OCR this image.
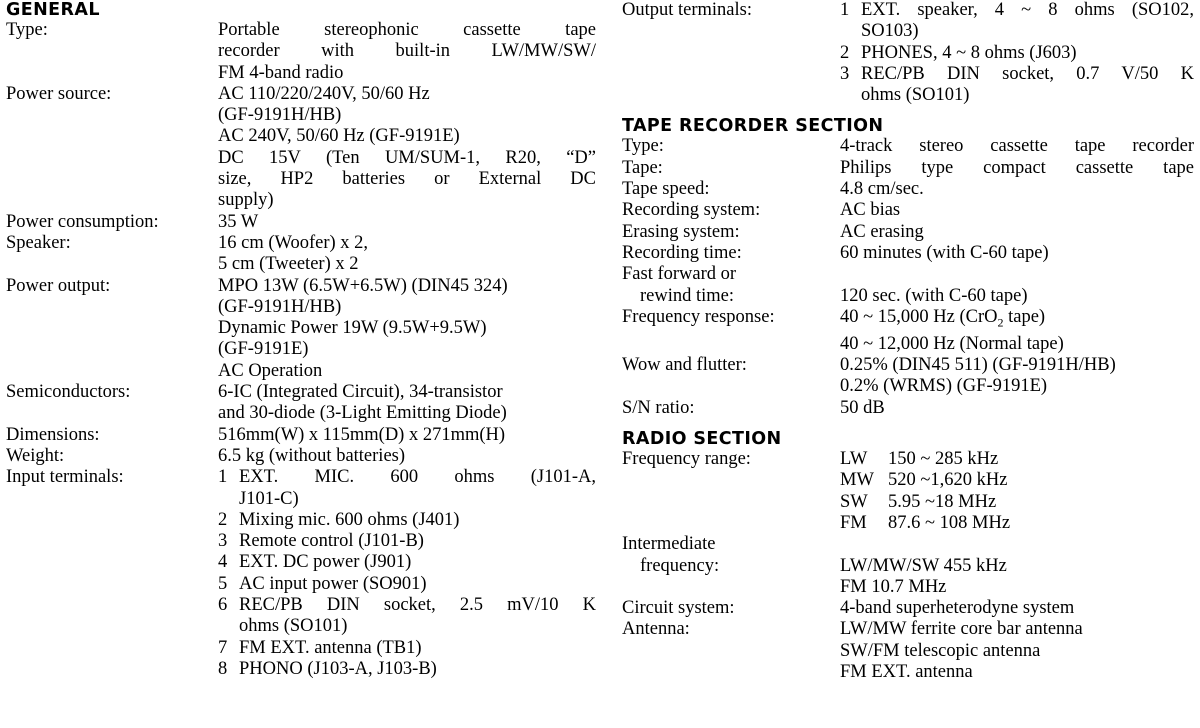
GENERAL
Type:	Portable stereophonic cassette tape
recorder with built-in LW/MW/SW/
FM 4-band radio
Power source:	AC 110/220/240V, 50/60 Hz
(GF-9191H/HB)
AC 240V, 50/60 Hz (GF-9191E)
DC 15V (Ten UM/SUM-1, R20, “D”
size, HP2 batteries or External DC
supply)
Power consumption:	35 W
Speaker:	16 cm (Woofer) x 2,
5 cm (Tweeter) x 2
Power output:	MPO 13W (6.5W+6.5W) (DIN45 324)
(GF-9191H/HB)
Dynamic Power 19W (9.5W+9.5W)
(GF-9191E)
AC Operation
Semiconductors:	6-IC (Integrated Circuit), 34-transistor
and 30-diode (3-Light Emitting Diode)
Dimensions:	516mm(W) x 115mm(D) x 271mm(H)
Weight:	6.5 kg (without batteries)
Input terminals:	1 EXT. MIC. 600 ohms (J101-A,
J101-C)
2 Mixing mic. 600 ohms (J401)
3 Remote control (J101-B)
4 EXT. DC power (J901)
5 AC input power (SO901)
6 REC/PB DIN socket, 2.5 mV/10 K
ohms (SO101)
7 FM EXT. antenna (TB1)
8 PHONO (J103-A, J103-B)
Output terminals:	1 EXT. speaker, 4 ~ 8 ohms (SO102,
SO103)
2 PHONES, 4 ~ 8 ohms (J603)
3 REC/PB DIN socket, 0.7 V/50 K
ohms (SO101)
TAPE RECORDER SECTION
Type:	4-track stereo cassette tape recorder
Tape:	Philips type compact cassette tape
Tape speed:	4.8 cm/sec.
Recording system:	AC bias
Erasing system:	AC erasing
Recording time:	60 minutes (with C-60 tape)
Fast forward or
rewind time:
	120 sec. (with C-60 tape)
Frequency response:	40 ~ 15,000 Hz (CrO$_2$ tape)
40 ~ 12,000 Hz (Normal tape)
Wow and flutter:	0.25% (DIN45 511) (GF-9191H/HB)
0.2% (WRMS) (GF-9191E)
S/N ratio:	50 dB
RADIO SECTION
Frequency range:	LW	150 ~ 285 kHz
MW 520 ~1,620 kHz
SW	5.95 ~18 MHz
FM	87.6 ~ 108 MHz
Intermediate
frequency:
	LW/MW/SW 455 kHz
FM 10.7 MHz
Circuit system:	4-band superheterodyne system
Antenna:	LW/MW ferrite core bar antenna
SW/FM telescopic antenna
FM EXT. antenna
